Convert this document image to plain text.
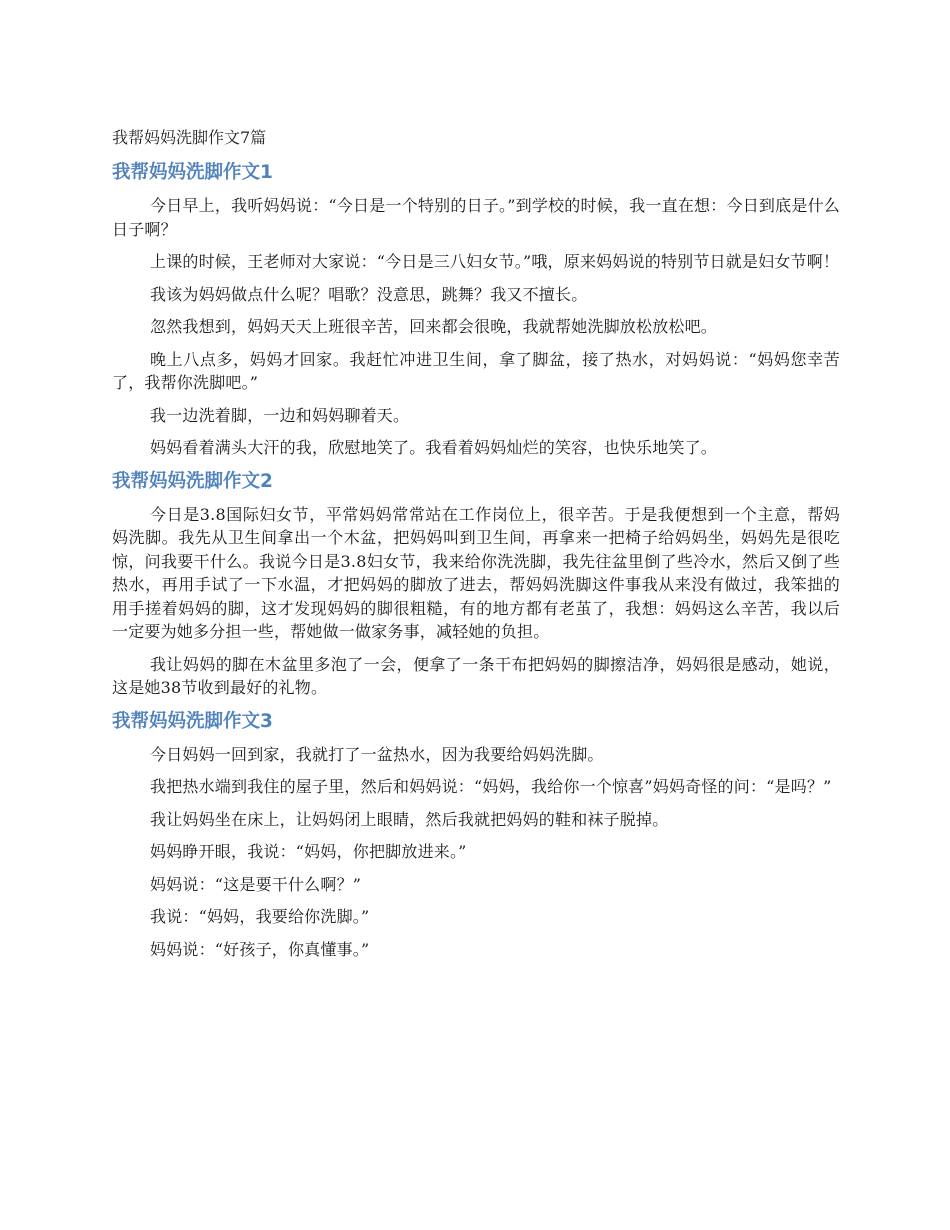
我帮妈妈洗脚作文7篇
我帮妈妈洗脚作文1

今日早上，我听妈妈说：“今日是一个特别的日子。”到学校的时候，我一直在想：今日到底是什么日子啊？

上课的时候，王老师对大家说：“今日是三八妇女节。”哦，原来妈妈说的特别节日就是妇女节啊！

我该为妈妈做点什么呢？唱歌？没意思，跳舞？我又不擅长。

忽然我想到，妈妈天天上班很辛苦，回来都会很晚，我就帮她洗脚放松放松吧。

晚上八点多，妈妈才回家。我赶忙冲进卫生间，拿了脚盆，接了热水，对妈妈说：“妈妈您幸苦了，我帮你洗脚吧。”

我一边洗着脚，一边和妈妈聊着天。

妈妈看着满头大汗的我，欣慰地笑了。我看着妈妈灿烂的笑容，也快乐地笑了。

我帮妈妈洗脚作文2

今日是3.8国际妇女节，平常妈妈常常站在工作岗位上，很辛苦。于是我便想到一个主意，帮妈妈洗脚。我先从卫生间拿出一个木盆，把妈妈叫到卫生间，再拿来一把椅子给妈妈坐，妈妈先是很吃惊，问我要干什么。我说今日是3.8妇女节，我来给你洗洗脚，我先往盆里倒了些冷水，然后又倒了些热水，再用手试了一下水温，才把妈妈的脚放了进去，帮妈妈洗脚这件事我从来没有做过，我笨拙的用手搓着妈妈的脚，这才发现妈妈的脚很粗糙，有的地方都有老茧了，我想：妈妈这么辛苦，我以后一定要为她多分担一些，帮她做一做家务事，减轻她的负担。

我让妈妈的脚在木盆里多泡了一会，便拿了一条干布把妈妈的脚擦洁净，妈妈很是感动，她说，这是她38节收到最好的礼物。

我帮妈妈洗脚作文3

今日妈妈一回到家，我就打了一盆热水，因为我要给妈妈洗脚。

我把热水端到我住的屋子里，然后和妈妈说：“妈妈，我给你一个惊喜”妈妈奇怪的问：“是吗？”

我让妈妈坐在床上，让妈妈闭上眼睛，然后我就把妈妈的鞋和袜子脱掉。

妈妈睁开眼，我说：“妈妈，你把脚放进来。”

妈妈说：“这是要干什么啊？”

我说：“妈妈，我要给你洗脚。”

妈妈说：“好孩子，你真懂事。”
